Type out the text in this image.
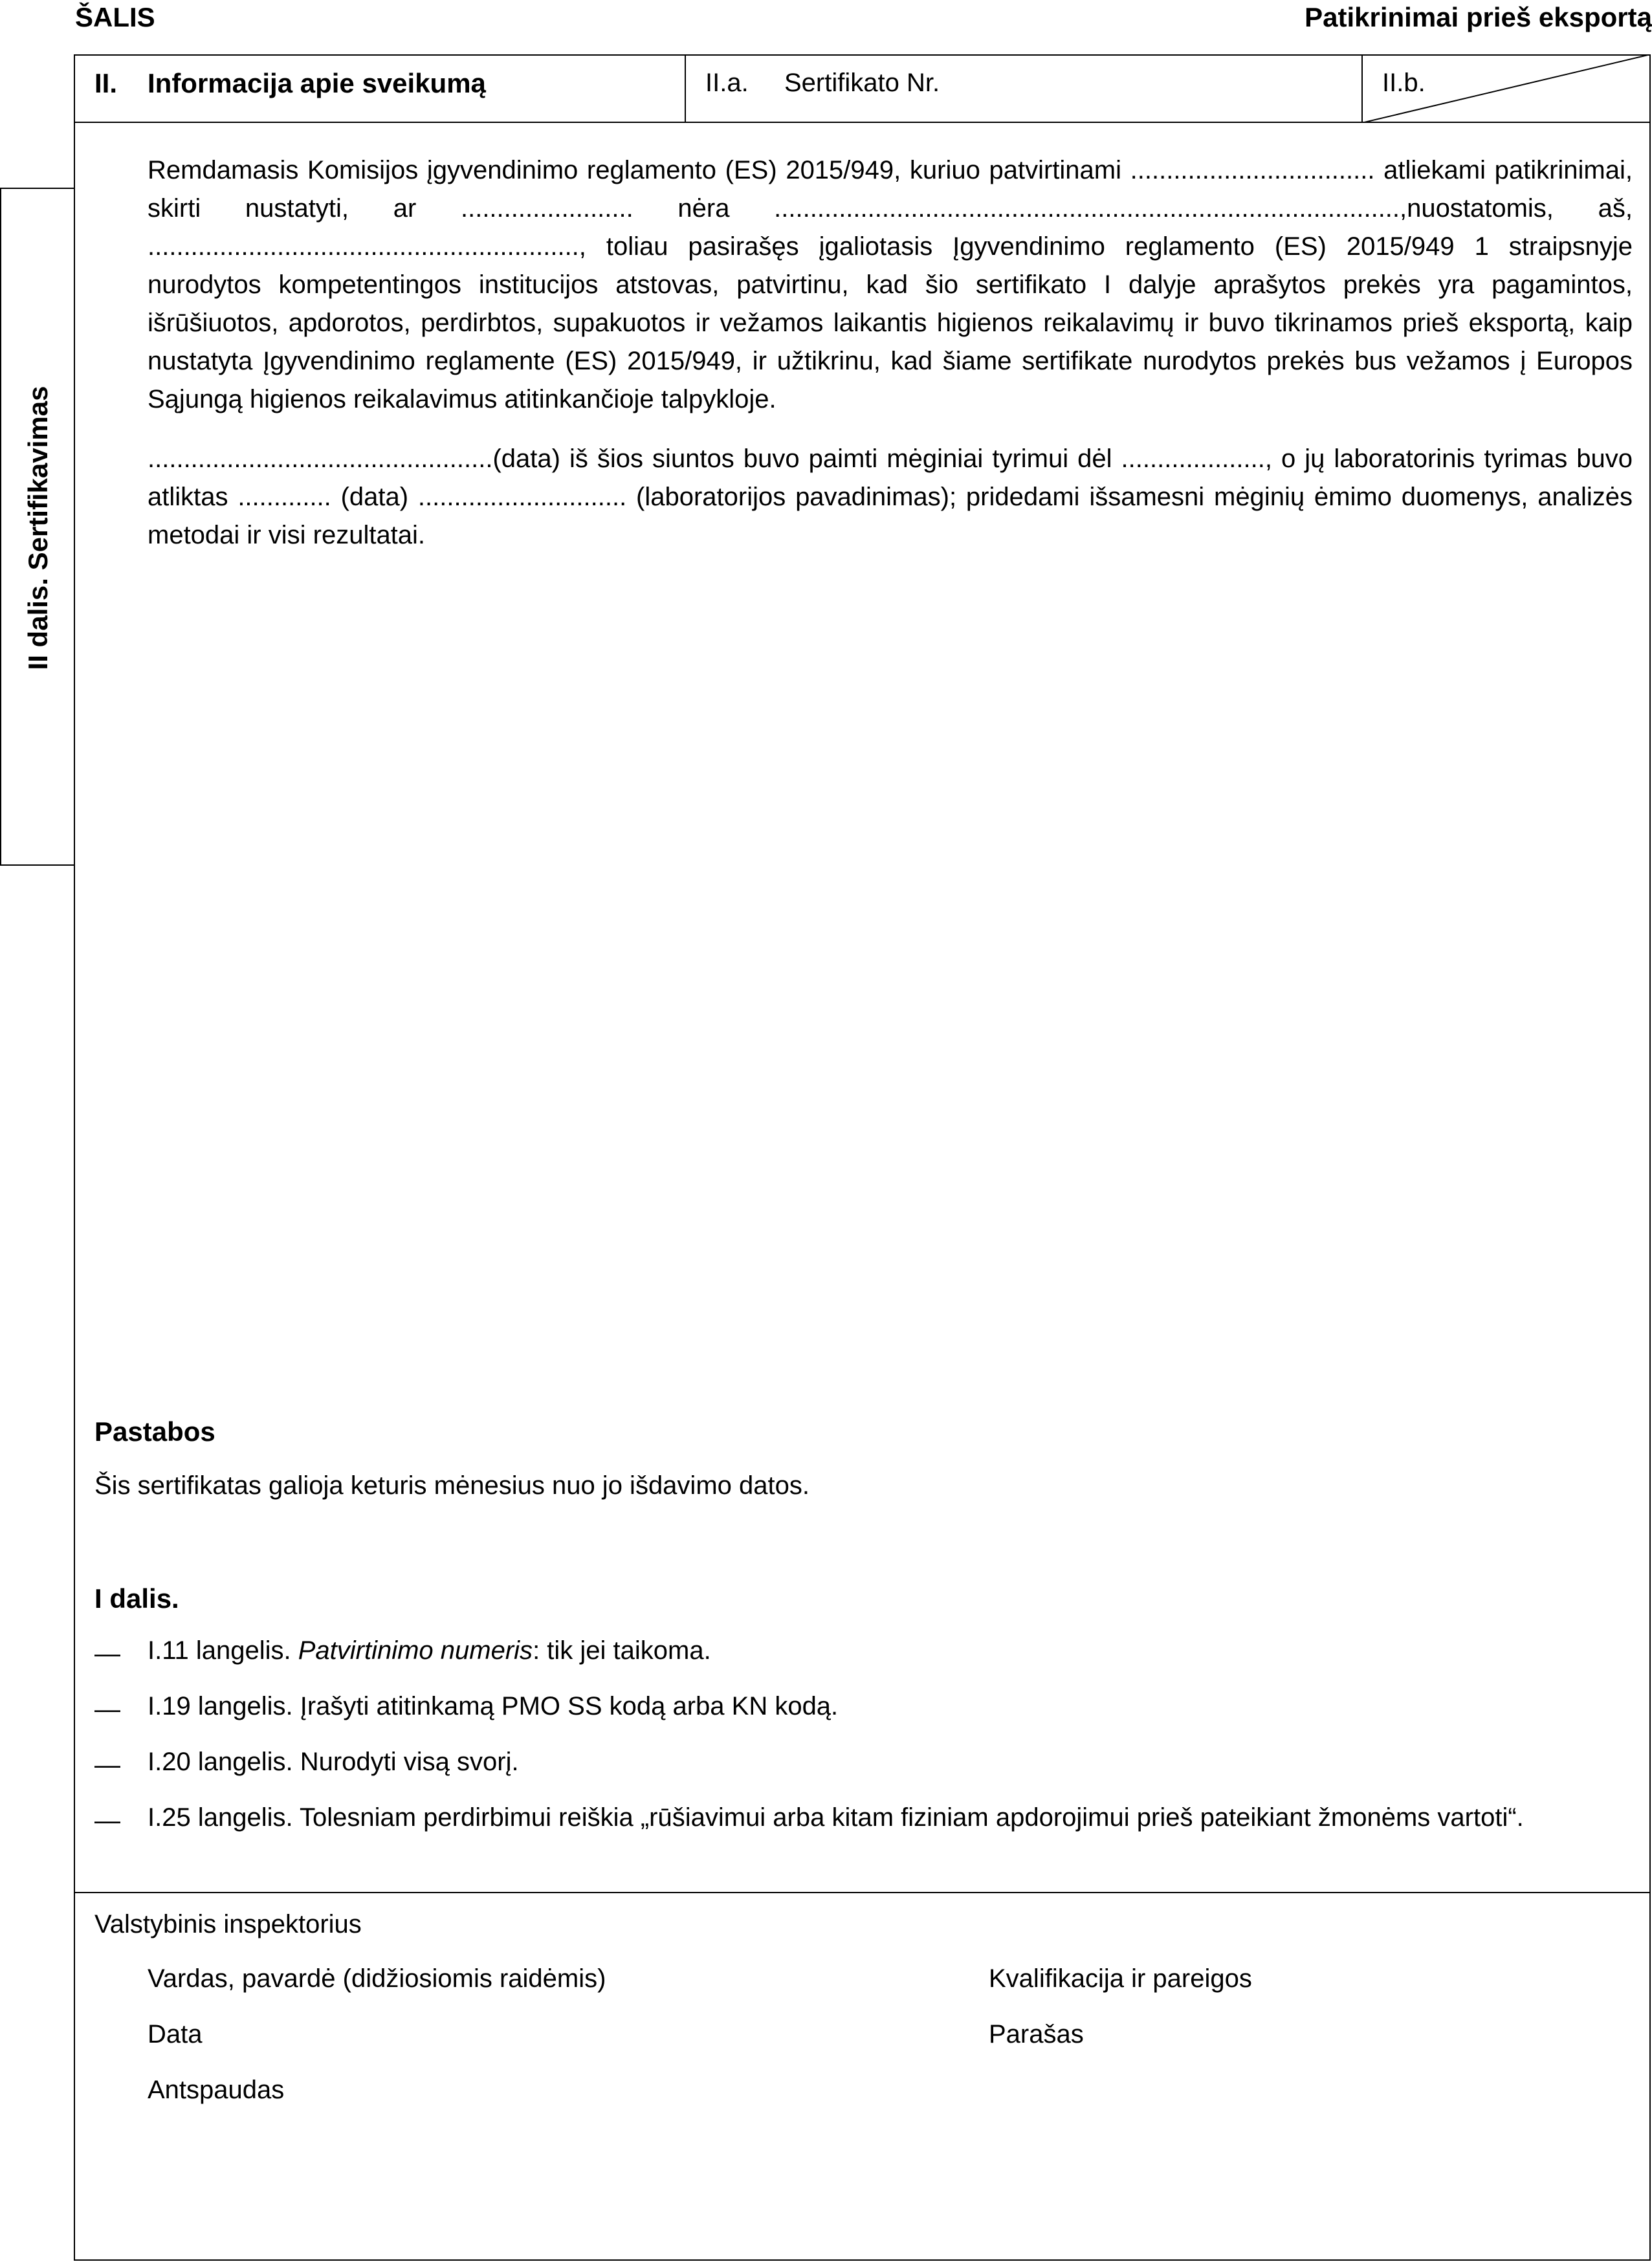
ŠALIS	Patikrinimai prieš eksportą
II dalis. Sertifikavimas
II. Informacija apie sveikumą	II.a. Sertifikato Nr.	II.b.

Remdamasis Komisijos įgyvendinimo reglamento (ES) 2015/949, kuriuo patvirtinami .................................. atliekami patikrinimai, skirti nustatyti, ar ........................ nėra .......................................................................................,nuostatomis, aš, ............................................................, toliau pasirašęs įgaliotasis Įgyvendinimo reglamento (ES) 2015/949 1 straipsnyje nurodytos kompetentingos institucijos atstovas, patvirtinu, kad šio sertifikato I dalyje aprašytos prekės yra pagamintos, išrūšiuotos, apdorotos, perdirbtos, supakuotos ir vežamos laikantis higienos reikalavimų ir buvo tikrinamos prieš eksportą, kaip nustatyta Įgyvendinimo reglamente (ES) 2015/949, ir užtikrinu, kad šiame sertifikate nurodytos prekės bus vežamos į Europos Sąjungą higienos reikalavimus atitinkančioje talpykloje.

................................................(data) iš šios siuntos buvo paimti mėginiai tyrimui dėl ...................., o jų laboratorinis tyrimas buvo atliktas ............. (data) ............................. (laboratorijos pavadinimas); pridedami išsamesni mėginių ėmimo duomenys, analizės metodai ir visi rezultatai.

Pastabos
Šis sertifikatas galioja keturis mėnesius nuo jo išdavimo datos.
I dalis.
— I.11 langelis. Patvirtinimo numeris: tik jei taikoma.
— I.19 langelis. Įrašyti atitinkamą PMO SS kodą arba KN kodą.
— I.20 langelis. Nurodyti visą svorį.
— I.25 langelis. Tolesniam perdirbimui reiškia „rūšiavimui arba kitam fiziniam apdorojimui prieš pateikiant žmonėms vartoti“.
Valstybinis inspektorius
Vardas, pavardė (didžiosiomis raidėmis)	Kvalifikacija ir pareigos
Data	Parašas
Antspaudas
